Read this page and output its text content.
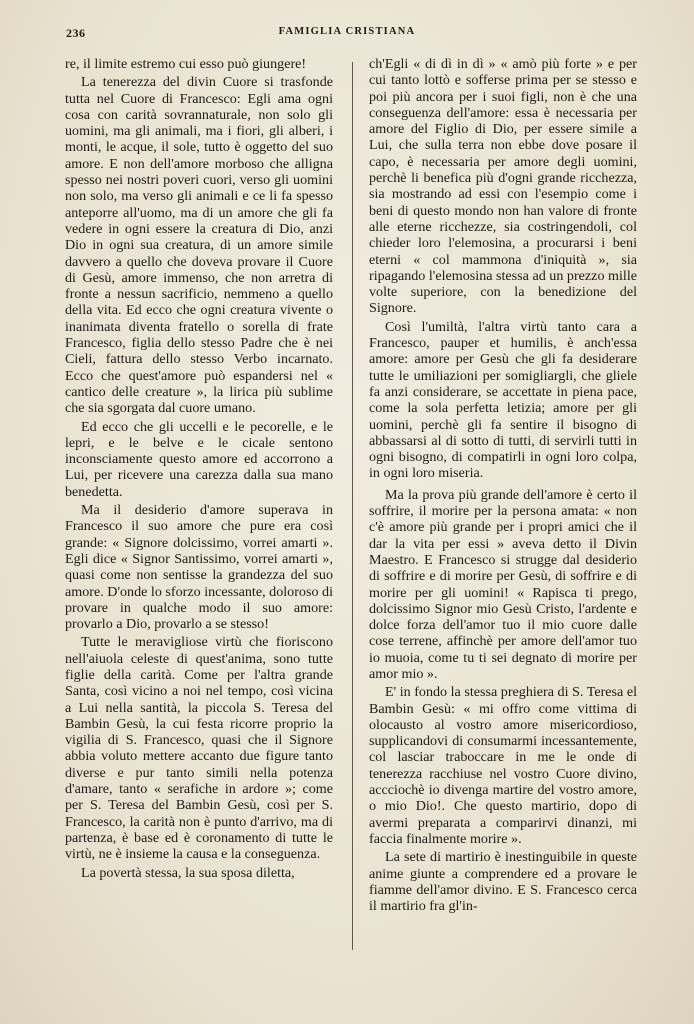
236	FAMIGLIA CRISTIANA

re, il limite estremo cui esso può giungere!

La tenerezza del divin Cuore si trasfonde tutta nel Cuore di Francesco: Egli ama ogni cosa con carità sovrannaturale, non solo gli uomini, ma gli animali, ma i fiori, gli alberi, i monti, le acque, il sole, tutto è oggetto del suo amore. E non dell'amore morboso che alligna spesso nei nostri poveri cuori, verso gli uomini non solo, ma verso gli animali e ce li fa spesso anteporre all'uomo, ma di un amore che gli fa vedere in ogni essere la creatura di Dio, anzi Dio in ogni sua creatura, di un amore simile davvero a quello che doveva provare il Cuore di Gesù, amore immenso, che non arretra di fronte a nessun sacrificio, nemmeno a quello della vita. Ed ecco che ogni creatura vivente o inanimata diventa fratello o sorella di frate Francesco, figlia dello stesso Padre che è nei Cieli, fattura dello stesso Verbo incarnato. Ecco che quest'amore può espandersi nel « cantico delle creature », la lirica più sublime che sia sgorgata dal cuore umano.

Ed ecco che gli uccelli e le pecorelle, e le lepri, e le belve e le cicale sentono inconsciamente questo amore ed accorrono a Lui, per ricevere una carezza dalla sua mano benedetta.

Ma il desiderio d'amore superava in Francesco il suo amore che pure era così grande: « Signore dolcissimo, vorrei amarti ». Egli dice « Signor Santissimo, vorrei amarti », quasi come non sentisse la grandezza del suo amore. D'onde lo sforzo incessante, doloroso di provare in qualche modo il suo amore: provarlo a Dio, provarlo a se stesso!

Tutte le meravigliose virtù che fioriscono nell'aiuola celeste di quest'anima, sono tutte figlie della carità. Come per l'altra grande Santa, così vicino a noi nel tempo, così vicina a Lui nella santità, la piccola S. Teresa del Bambin Gesù, la cui festa ricorre proprio la vigilia di S. Francesco, quasi che il Signore abbia voluto mettere accanto due figure tanto diverse e pur tanto simili nella potenza d'amare, tanto « serafiche in ardore »; come per S. Teresa del Bambin Gesù, così per S. Francesco, la carità non è punto d'arrivo, ma di partenza, è base ed è coronamento di tutte le virtù, ne è insieme la causa e la conseguenza.

La povertà stessa, la sua sposa diletta,

ch'Egli « di dì in dì » « amò più forte » e per cui tanto lottò e sofferse prima per se stesso e poi più ancora per i suoi figli, non è che una conseguenza dell'amore: essa è necessaria per amore del Figlio di Dio, per essere simile a Lui, che sulla terra non ebbe dove posare il capo, è necessaria per amore degli uomini, perchè li benefica più d'ogni grande ricchezza, sia mostrando ad essi con l'esempio come i beni di questo mondo non han valore di fronte alle eterne ricchezze, sia costringendoli, col chieder loro l'elemosina, a procurarsi i beni eterni « col mammona d'iniquità », sia ripagando l'elemosina stessa ad un prezzo mille volte superiore, con la benedizione del Signore.

Così l'umiltà, l'altra virtù tanto cara a Francesco, pauper et humilis, è anch'essa amore: amore per Gesù che gli fa desiderare tutte le umiliazioni per somigliargli, che gliele fa anzi considerare, se accettate in piena pace, come la sola perfetta letizia; amore per gli uomini, perchè gli fa sentire il bisogno di abbassarsi al di sotto di tutti, di servirli tutti in ogni bisogno, di compatirli in ogni loro colpa, in ogni loro miseria.

Ma la prova più grande dell'amore è certo il soffrire, il morire per la persona amata: « non c'è amore più grande per i propri amici che il dar la vita per essi » aveva detto il Divin Maestro. E Francesco si strugge dal desiderio di soffrire e di morire per Gesù, di soffrire e di morire per gli uomini! « Rapisca ti prego, dolcissimo Signor mio Gesù Cristo, l'ardente e dolce forza dell'amor tuo il mio cuore dalle cose terrene, affinchè per amore dell'amor tuo io muoia, come tu ti sei degnato di morire per amor mio ».

E' in fondo la stessa preghiera di S. Teresa el Bambin Gesù: « mi offro come vittima di olocausto al vostro amore misericordioso, supplicandovi di consumarmi incessantemente, col lasciar traboccare in me le onde di tenerezza racchiuse nel vostro Cuore divino, accciochè io divenga martire del vostro amore, o mio Dio!. Che questo martirio, dopo di avermi preparata a comparirvi dinanzi, mi faccia finalmente morire ».

La sete di martirio è inestinguibile in queste anime giunte a comprendere ed a provare le fiamme dell'amor divino. E S. Francesco cerca il martirio fra gl'in-
